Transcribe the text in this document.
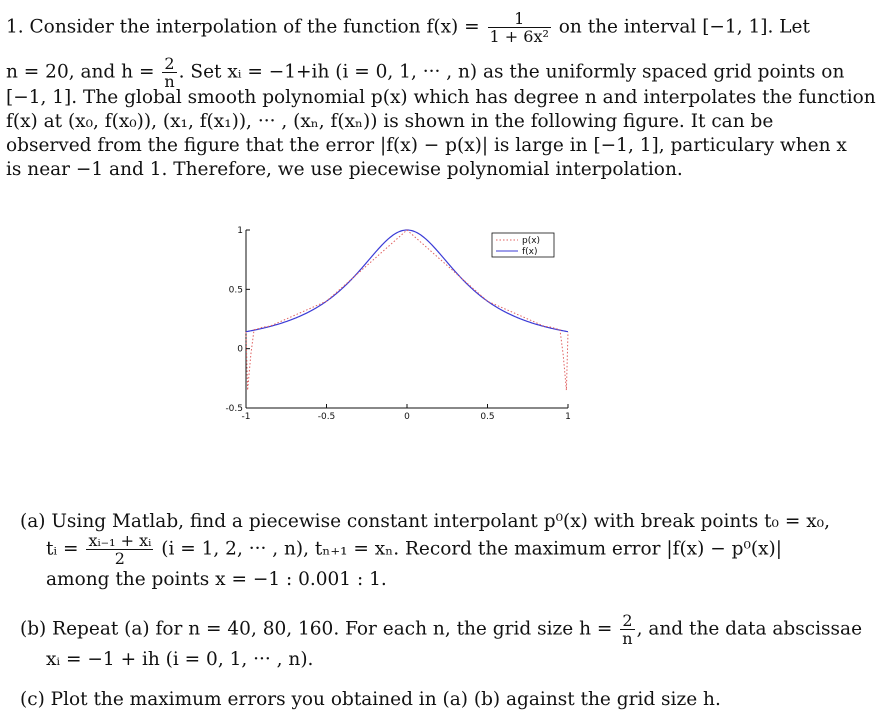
1. Consider the interpolation of the function $f(x) = \frac{1}{\text{1 + 6x²}}$ on the interval [−1, 1]. Let
n = 20, and $h = \frac{2}{n}$ . Set xᵢ = −1+ih (i = 0, 1, ··· , n) as the uniformly spaced grid points on
[−1, 1]. The global smooth polynomial p(x) which has degree n and interpolates the function
f(x) at (x₀, f(x₀)), (x₁, f(x₁)), ··· , (xₙ, f(xₙ)) is shown in the following figure. It can be
observed from the figure that the error |f(x) − p(x)| is large in [−1, 1], particulary when x
is near −1 and 1. Therefore, we use piecewise polynomial interpolation.
-0.5
0
0.5
1
-1	-0.5	0	0.5	1
p(x)
f(x)
(a) Using Matlab, find a piecewise constant interpolant p⁰(x) with break points t₀ = x₀,
tᵢ = $\frac{\text{xᵢ₋₁ + xᵢ}}{2} (i = 1$, 2, ··· , n), tₙ₊₁ = xₙ. Record the maximum error |f(x) − p⁰(x)|
among the points x = −1 : 0.001 : 1.
(b) Repeat (a) for n = 40, 80, 160. For each n, the grid size $h = \frac{2}{n}$ , and the data abscissae
xᵢ = −1 + ih (i = 0, 1, ··· , n).
(c) Plot the maximum errors you obtained in (a) (b) against the grid size h.
